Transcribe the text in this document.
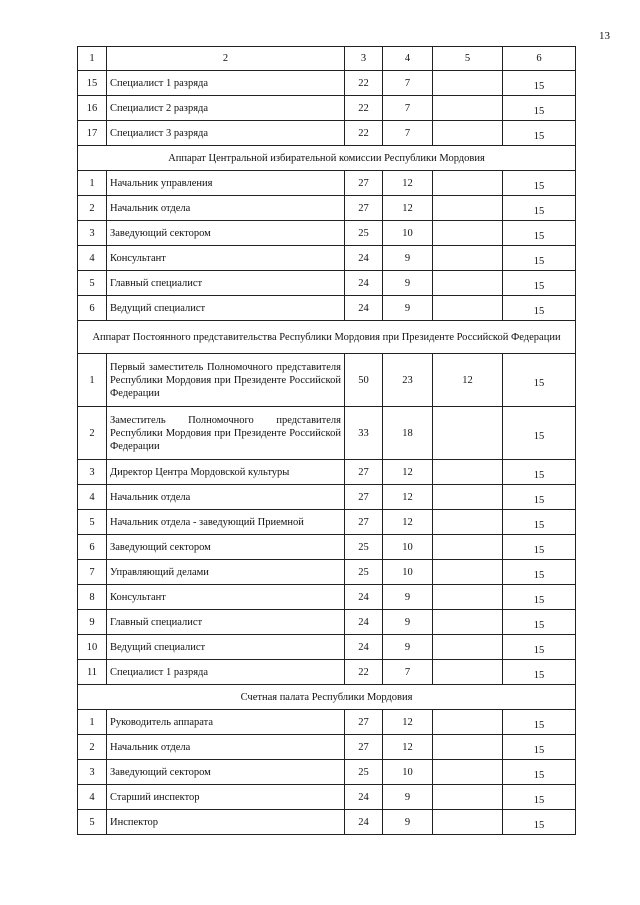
13
1	2	3	4	5	6
15	Специалист 1 разряда	22	7		15
16	Специалист 2 разряда	22	7		15
17	Специалист 3 разряда	22	7		15
Аппарат Центральной избирательной комиссии Республики Мордовия					
1	Начальник управления	27	12		15
2	Начальник отдела	27	12		15
3	Заведующий сектором	25	10		15
4	Консультант	24	9		15
5	Главный специалист	24	9		15
6	Ведущий специалист	24	9		15
Аппарат Постоянного представительства Республики Мордовия при Президенте Российской Федерации					
1	Первый заместитель Полномочного представителя Республики Мордовия при Президенте Российской Федерации	50	23	12	15
2	Заместитель Полномочного представителя Республики Мордовия при Президенте Российской Федерации	33	18		15
3	Директор Центра Мордовской культуры	27	12		15
4	Начальник отдела	27	12		15
5	Начальник отдела - заведующий Приемной	27	12		15
6	Заведующий сектором	25	10		15
7	Управляющий делами	25	10		15
8	Консультант	24	9		15
9	Главный специалист	24	9		15
10	Ведущий специалист	24	9		15
11	Специалист 1 разряда	22	7		15
Счетная палата Республики Мордовия					
1	Руководитель аппарата	27	12		15
2	Начальник отдела	27	12		15
3	Заведующий сектором	25	10		15
4	Старший инспектор	24	9		15
5	Инспектор	24	9		15
